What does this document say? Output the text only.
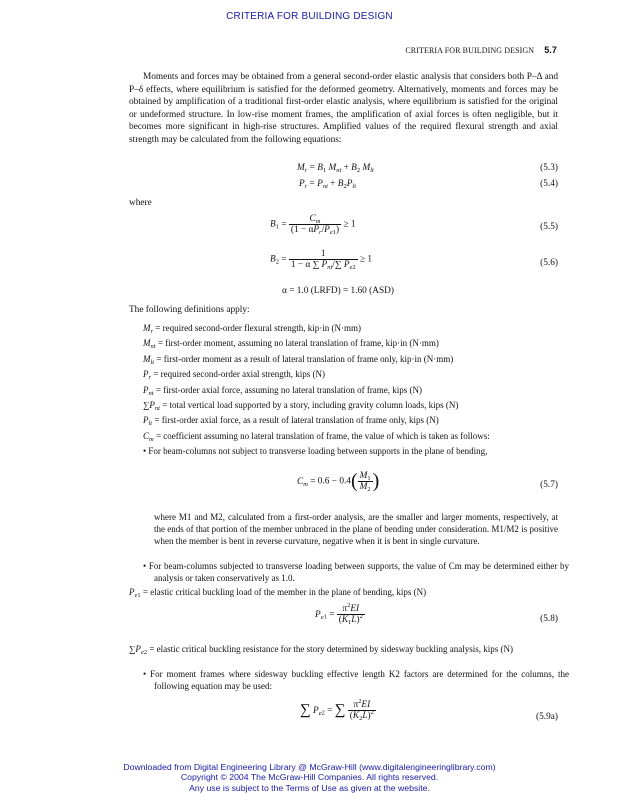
CRITERIA FOR BUILDING DESIGN
CRITERIA FOR BUILDING DESIGN 5.7
Moments and forces may be obtained from a general second-order elastic analysis that considers both P–Δ and P–δ effects, where equilibrium is satisfied for the deformed geometry. Alternatively, moments and forces may be obtained by amplification of a traditional first-order elastic analysis, where equilibrium is satisfied for the original or undeformed structure. In low-rise moment frames, the amplification of axial forces is often negligible, but it becomes more significant in high-rise structures. Amplified values of the required flexural strength and axial strength may be calculated from the following equations:
$M_r = B_1$ $M_{nt} + B_2$ $M_{lt}$	(5.3)
$P_r = P_{nt} + B_2P_{lt}$	(5.4)
where
$B_1 = \frac{C_m}{(1 - \alpha P_r/P_{e1})} \ge 1$	(5.5)
$B_2 = \frac{1}{1 - \alpha \sum P_{nt}/\sum P_{e2}} \ge 1$	(5.6)
α = 1.0 (LRFD) = 1.60 (ASD)
The following definitions apply:
$M_r$ = required second-order flexural strength, kip·in (N·mm)
$M_{nt}$ = first-order moment, assuming no lateral translation of frame, kip·in (N·mm)
$M_{lt}$ = first-order moment as a result of lateral translation of frame only, kip·in (N·mm)
$P_r$ = required second-order axial strength, kips (N)
$P_{nt}$ = first-order axial force, assuming no lateral translation of frame, kips (N)
$\sum P_{nt}$ = total vertical load supported by a story, including gravity column loads, kips (N)
$P_{lt}$ = first-order axial force, as a result of lateral translation of frame only, kips (N)
$C_m$ = coefficient assuming no lateral translation of frame, the value of which is taken as follows:
• For beam-columns not subject to transverse loading between supports in the plane of bending,
$C_m = 0.6 - 0.4( \frac{M_1}{M_2}$ )	(5.7)
where M1 and M2, calculated from a first-order analysis, are the smaller and larger moments, respectively, at the ends of that portion of the member unbraced in the plane of bending under consideration. M1/M2 is positive when the member is bent in reverse curvature, negative when it is bent in single curvature.
• For beam-columns subjected to transverse loading between supports, the value of Cm may be determined either by analysis or taken conservatively as 1.0.
$P_{e1}$ = elastic critical buckling load of the member in the plane of bending, kips (N)
$P_{e1} = \frac{\pi^2EI}{(K_1L)^2}$	(5.8)
$\sum P_{e2}$ = elastic critical buckling resistance for the story determined by sidesway buckling analysis, kips (N)
• For moment frames where sidesway buckling effective length K2 factors are determined for the columns, the following equation may be used:
∑ $P_{e2}$ = ∑ $\frac{\pi^2EI}{(K_2L)^2}$	(5.9a)
Downloaded from Digital Engineering Library @ McGraw-Hill (www.digitalengineeringlibrary.com)
Copyright © 2004 The McGraw-Hill Companies. All rights reserved.
Any use is subject to the Terms of Use as given at the website.
